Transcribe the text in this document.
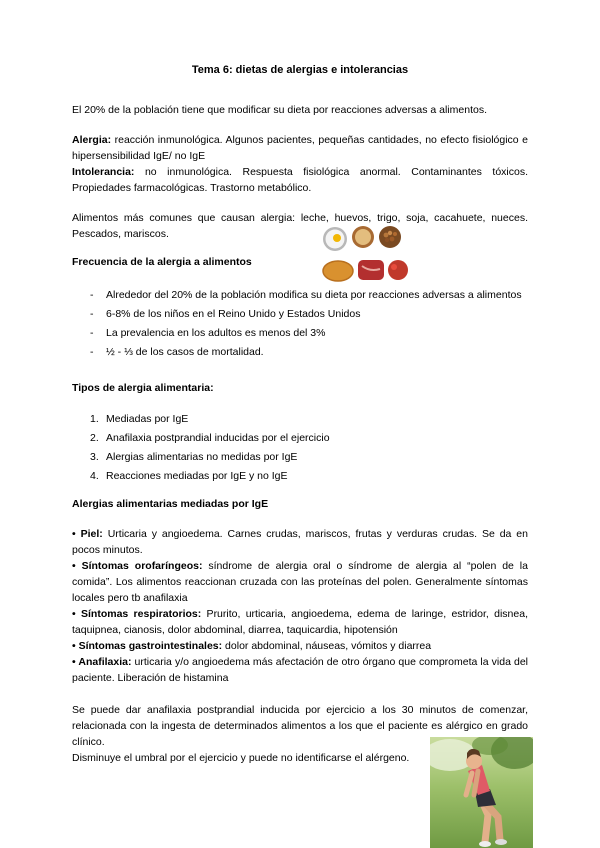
Tema 6: dietas de alergias e intolerancias

El 20% de la población tiene que modificar su dieta por reacciones adversas a alimentos.

Alergia: reacción inmunológica. Algunos pacientes, pequeñas cantidades, no efecto fisiológico e hipersensibilidad IgE/ no IgE

Intolerancia: no inmunológica. Respuesta fisiológica anormal. Contaminantes tóxicos. Propiedades farmacológicas. Trastorno metabólico.

Alimentos más comunes que causan alergia: leche, huevos, trigo, soja, cacahuete, nueces. Pescados, mariscos.

Frecuencia de la alergia a alimentos

-	Alrededor del 20% de la población modifica su dieta por reacciones adversas a alimentos
-	6-8% de los niños en el Reino Unido y Estados Unidos
-	La prevalencia en los adultos es menos del 3%
-	½ - ⅓ de los casos de mortalidad.

Tipos de alergia alimentaria:

1. Mediadas por IgE
2. Anafilaxia postprandial inducidas por el ejercicio
3. Alergias alimentarias no medidas por IgE
4. Reacciones mediadas por IgE y no IgE

Alergias alimentarias mediadas por IgE

• Piel: Urticaria y angioedema. Carnes crudas, mariscos, frutas y verduras crudas. Se da en pocos minutos.

• Síntomas orofaríngeos: síndrome de alergia oral o síndrome de alergia al “polen de la comida”. Los alimentos reaccionan cruzada con las proteínas del polen. Generalmente síntomas locales pero tb anafilaxia

• Síntomas respiratorios: Prurito, urticaria, angioedema, edema de laringe, estridor, disnea, taquipnea, cianosis, dolor abdominal, diarrea, taquicardia, hipotensión

• Síntomas gastrointestinales: dolor abdominal, náuseas, vómitos y diarrea

• Anafilaxia: urticaria y/o angioedema más afectación de otro órgano que comprometa la vida del paciente. Liberación de histamina

Se puede dar anafilaxia postprandial inducida por ejercicio a los 30 minutos de comenzar, relacionada con la ingesta de determinados alimentos a los que el paciente es alérgico en grado clínico.

Disminuye el umbral por el ejercicio y puede no identificarse el alérgeno.
